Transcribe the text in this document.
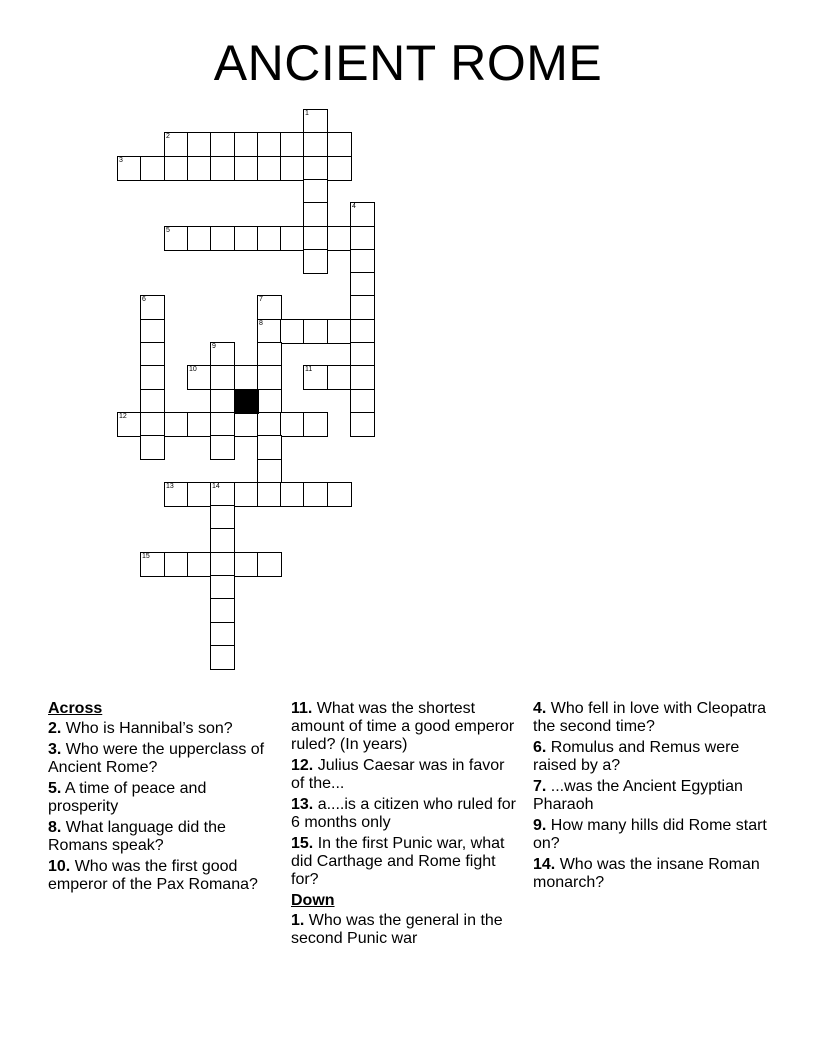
ANCIENT ROME
1
2
3
4
5
6	7
8
9
10	11
12
13	14
15
Across
2. Who is Hannibal’s son?
3. Who were the upperclass of Ancient Rome?
5. A time of peace and prosperity
8. What language did the Romans speak?
10. Who was the first good emperor of the Pax Romana?
11. What was the shortest amount of time a good emperor ruled? (In years)
12. Julius Caesar was in favor of the...
13. a....is a citizen who ruled for 6 months only
15. In the first Punic war, what did Carthage and Rome fight for?
Down
1. Who was the general in the second Punic war
4. Who fell in love with Cleopatra the second time?
6. Romulus and Remus were raised by a?
7. ...was the Ancient Egyptian Pharaoh
9. How many hills did Rome start on?
14. Who was the insane Roman monarch?
